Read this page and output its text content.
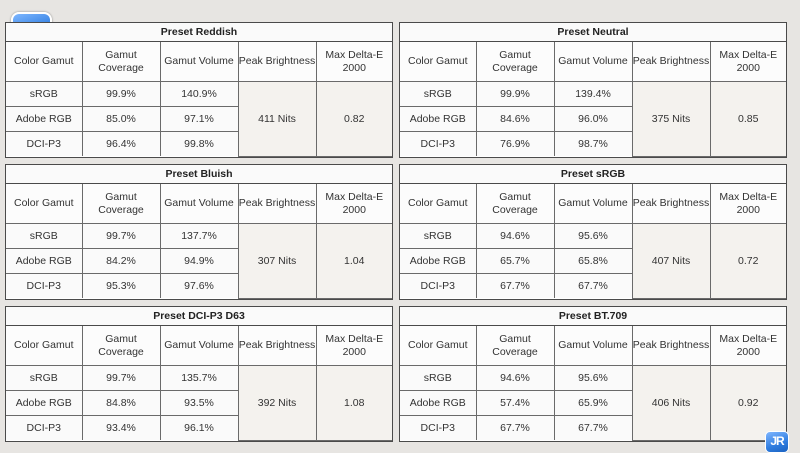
Preset Reddish
Color Gamut	Gamut Coverage	Gamut Volume	Peak Brightness	Max Delta-E 2000
sRGB	99.9%	140.9%	411 Nits	0.82
Adobe RGB	85.0%	97.1%		
DCI-P3	96.4%	99.8%		
Preset Neutral
Color Gamut	Gamut Coverage	Gamut Volume	Peak Brightness	Max Delta-E 2000
sRGB	99.9%	139.4%	375 Nits	0.85
Adobe RGB	84.6%	96.0%		
DCI-P3	76.9%	98.7%		
Preset Bluish
Color Gamut	Gamut Coverage	Gamut Volume	Peak Brightness	Max Delta-E 2000
sRGB	99.7%	137.7%	307 Nits	1.04
Adobe RGB	84.2%	94.9%		
DCI-P3	95.3%	97.6%		
Preset sRGB
Color Gamut	Gamut Coverage	Gamut Volume	Peak Brightness	Max Delta-E 2000
sRGB	94.6%	95.6%	407 Nits	0.72
Adobe RGB	65.7%	65.8%		
DCI-P3	67.7%	67.7%		
Preset DCI-P3 D63
Color Gamut	Gamut Coverage	Gamut Volume	Peak Brightness	Max Delta-E 2000
sRGB	99.7%	135.7%	392 Nits	1.08
Adobe RGB	84.8%	93.5%		
DCI-P3	93.4%	96.1%		
Preset BT.709
Color Gamut	Gamut Coverage	Gamut Volume	Peak Brightness	Max Delta-E 2000
sRGB	94.6%	95.6%	406 Nits	0.92
Adobe RGB	57.4%	65.9%		
DCI-P3	67.7%	67.7%		
JR
